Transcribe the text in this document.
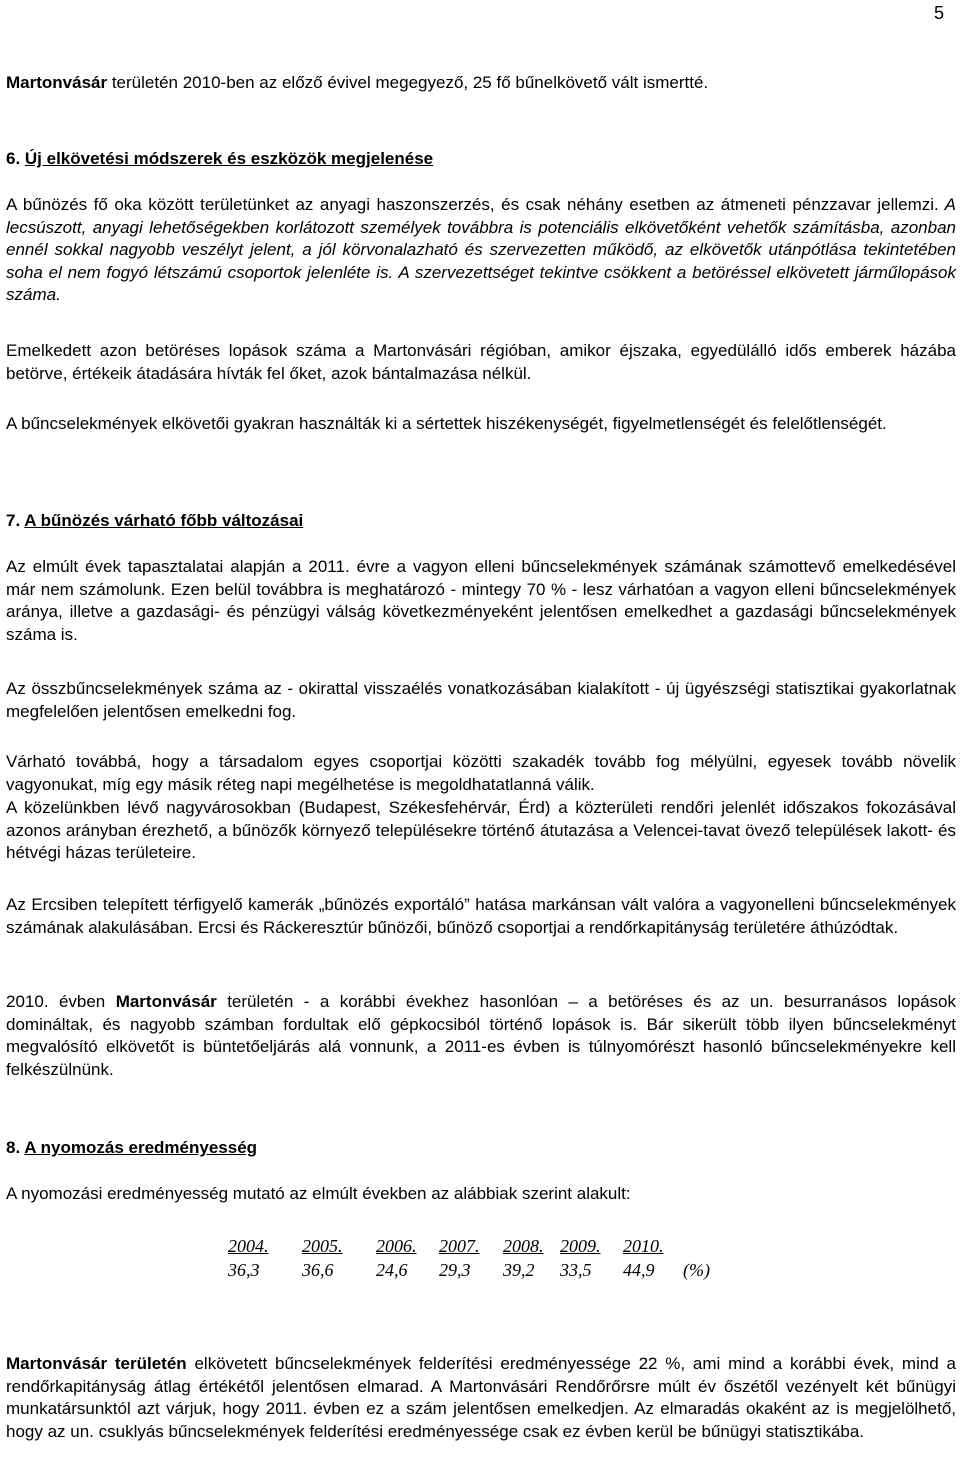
5

Martonvásár területén 2010-ben az előző évivel megegyező, 25 fő bűnelkövető vált ismertté.

6. Új elkövetési módszerek és eszközök megjelenése

A bűnözés fő oka között területünket az anyagi haszonszerzés, és csak néhány esetben az átmeneti pénzzavar jellemzi. A lecsúszott, anyagi lehetőségekben korlátozott személyek továbbra is potenciális elkövetőként vehetők számításba, azonban ennél sokkal nagyobb veszélyt jelent, a jól körvonalazható és szervezetten működő, az elkövetők utánpótlása tekintetében soha el nem fogyó létszámú csoportok jelenléte is. A szervezettséget tekintve csökkent a betöréssel elkövetett járműlopások száma.

Emelkedett azon betöréses lopások száma a Martonvásári régióban, amikor éjszaka, egyedülálló idős emberek házába betörve, értékeik átadására hívták fel őket, azok bántalmazása nélkül.

A bűncselekmények elkövetői gyakran használták ki a sértettek hiszékenységét, figyelmetlenségét és felelőtlenségét.

7. A bűnözés várható főbb változásai

Az elmúlt évek tapasztalatai alapján a 2011. évre a vagyon elleni bűncselekmények számának számottevő emelkedésével már nem számolunk. Ezen belül továbbra is meghatározó - mintegy 70 % - lesz várhatóan a vagyon elleni bűncselekmények aránya, illetve a gazdasági- és pénzügyi válság következményeként jelentősen emelkedhet a gazdasági bűncselekmények száma is.

Az összbűncselekmények száma az - okirattal visszaélés vonatkozásában kialakított - új ügyészségi statisztikai gyakorlatnak megfelelően jelentősen emelkedni fog.

Várható továbbá, hogy a társadalom egyes csoportjai közötti szakadék tovább fog mélyülni, egyesek tovább növelik vagyonukat, míg egy másik réteg napi megélhetése is megoldhatatlanná válik.

A közelünkben lévő nagyvárosokban (Budapest, Székesfehérvár, Érd) a közterületi rendőri jelenlét időszakos fokozásával azonos arányban érezhető, a bűnözők környező településekre történő átutazása a Velencei-tavat övező települések lakott- és hétvégi házas területeire.

Az Ercsiben telepített térfigyelő kamerák „bűnözés exportáló” hatása markánsan vált valóra a vagyonelleni bűncselekmények számának alakulásában. Ercsi és Ráckeresztúr bűnözői, bűnöző csoportjai a rendőrkapitányság területére áthúzódtak.

2010. évben Martonvásár területén - a korábbi évekhez hasonlóan – a betöréses és az un. besurranásos lopások domináltak, és nagyobb számban fordultak elő gépkocsiból történő lopások is. Bár sikerült több ilyen bűncselekményt megvalósító elkövetőt is büntetőeljárás alá vonnunk, a 2011-es évben is túlnyomórészt hasonló bűncselekményekre kell felkészülnünk.

8. A nyomozás eredményesség

A nyomozási eredményesség mutató az elmúlt években az alábbiak szerint alakult:

2004.	2005.	2006.	2007.	2008. 2009.	2010.
36,3	36,6	24,6	29,3	39,2	33,5	44,9	(%)

Martonvásár területén elkövetett bűncselekmények felderítési eredményessége 22 %, ami mind a korábbi évek, mind a rendőrkapitányság átlag értékétől jelentősen elmarad. A Martonvásári Rendőrőrsre múlt év őszétől vezényelt két bűnügyi munkatársunktól azt várjuk, hogy 2011. évben ez a szám jelentősen emelkedjen. Az elmaradás okaként az is megjelölhető, hogy az un. csuklyás bűncselekmények felderítési eredményessége csak ez évben kerül be bűnügyi statisztikába.
